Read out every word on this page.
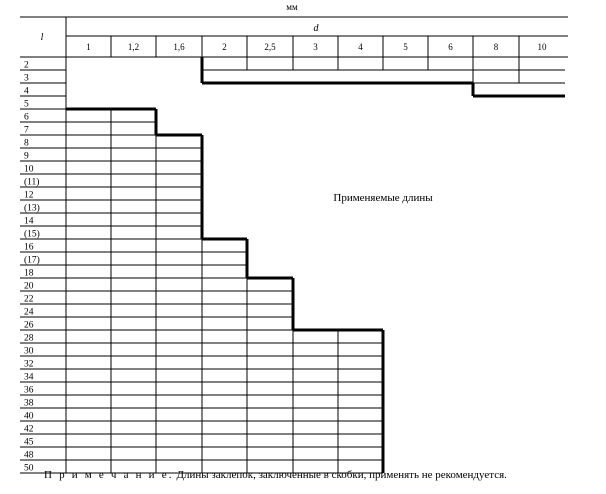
мм
l
d
1	1,2	1,6	2	2,5	3	4	5	6	8	10
2
3
4
5
6
7
8
9
10
(11)
12
(13)
14
(15)
16
(17)
18
20
22
24
26
28
30
32
34
36
38
40
42
45
48
50
Применяемые длины
П р и м е ч а н и е. Длины заклепок, заключенные в скобки, применять не рекомендуется.
